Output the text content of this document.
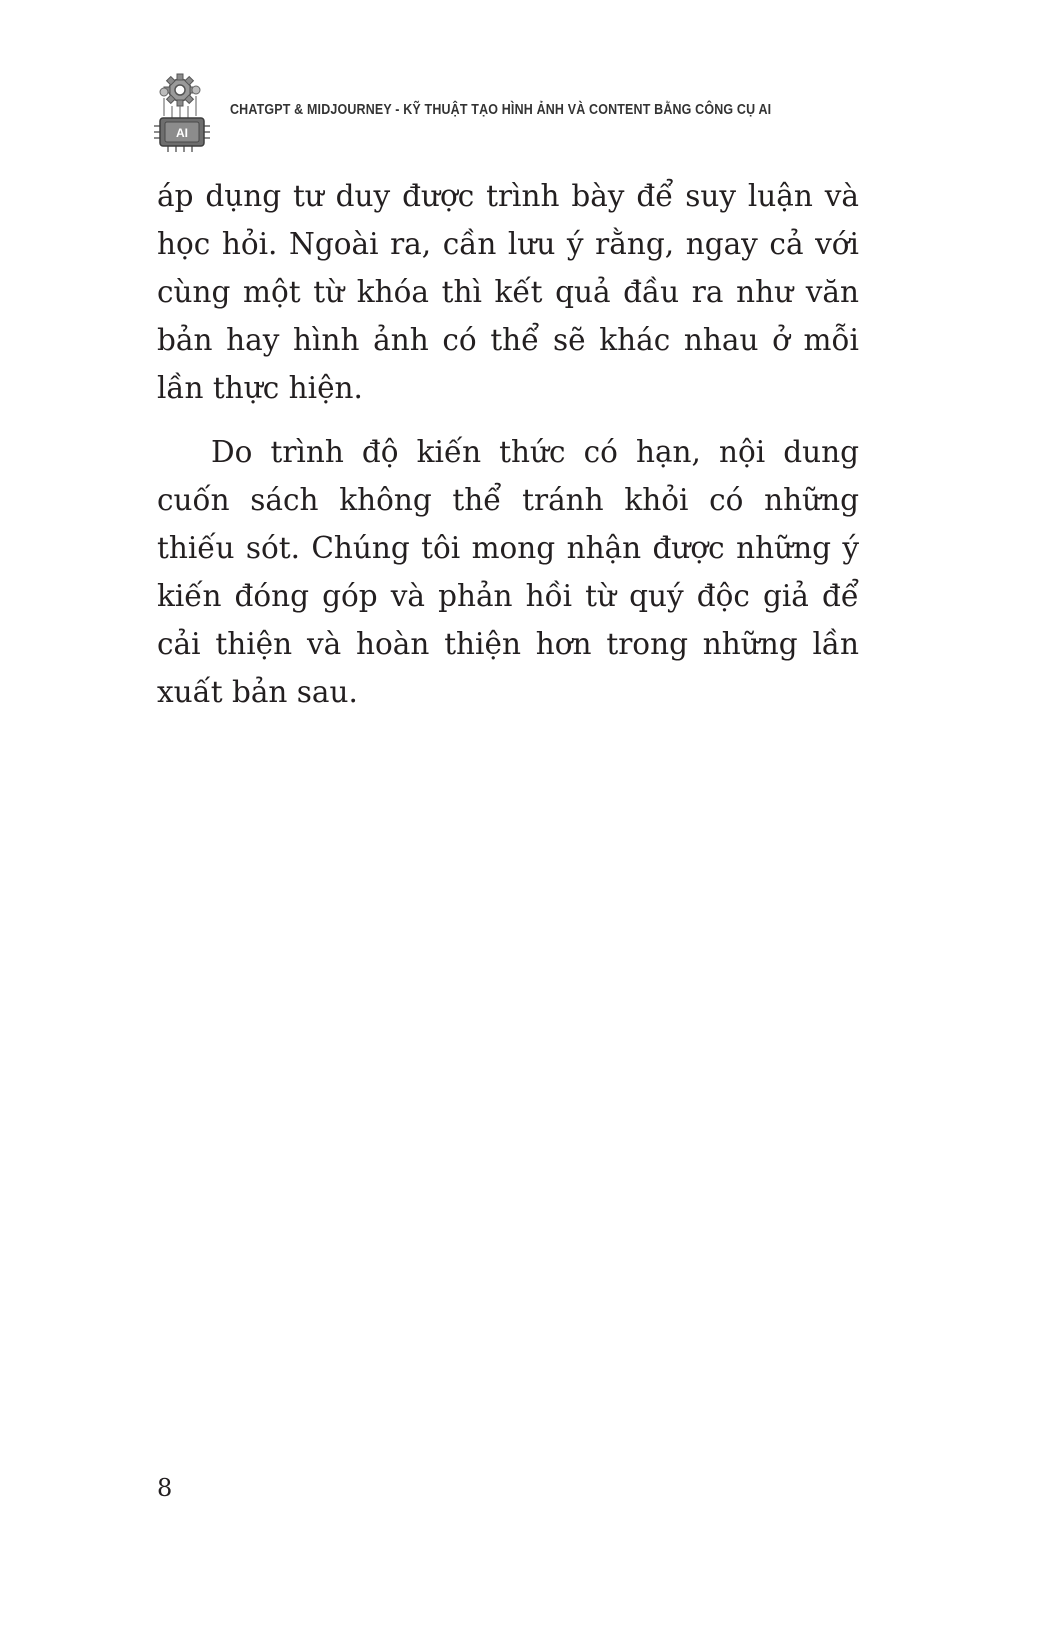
AI
CHATGPT & MIDJOURNEY - KỸ THUẬT TẠO HÌNH ẢNH VÀ CONTENT BẰNG CÔNG CỤ AI

áp dụng tư duy được trình bày để suy luận và học hỏi. Ngoài ra, cần lưu ý rằng, ngay cả với cùng một từ khóa thì kết quả đầu ra như văn bản hay hình ảnh có thể sẽ khác nhau ở mỗi lần thực hiện.

Do trình độ kiến thức có hạn, nội dung cuốn sách không thể tránh khỏi có những thiếu sót. Chúng tôi mong nhận được những ý kiến đóng góp và phản hồi từ quý độc giả để cải thiện và hoàn thiện hơn trong những lần xuất bản sau.

8
